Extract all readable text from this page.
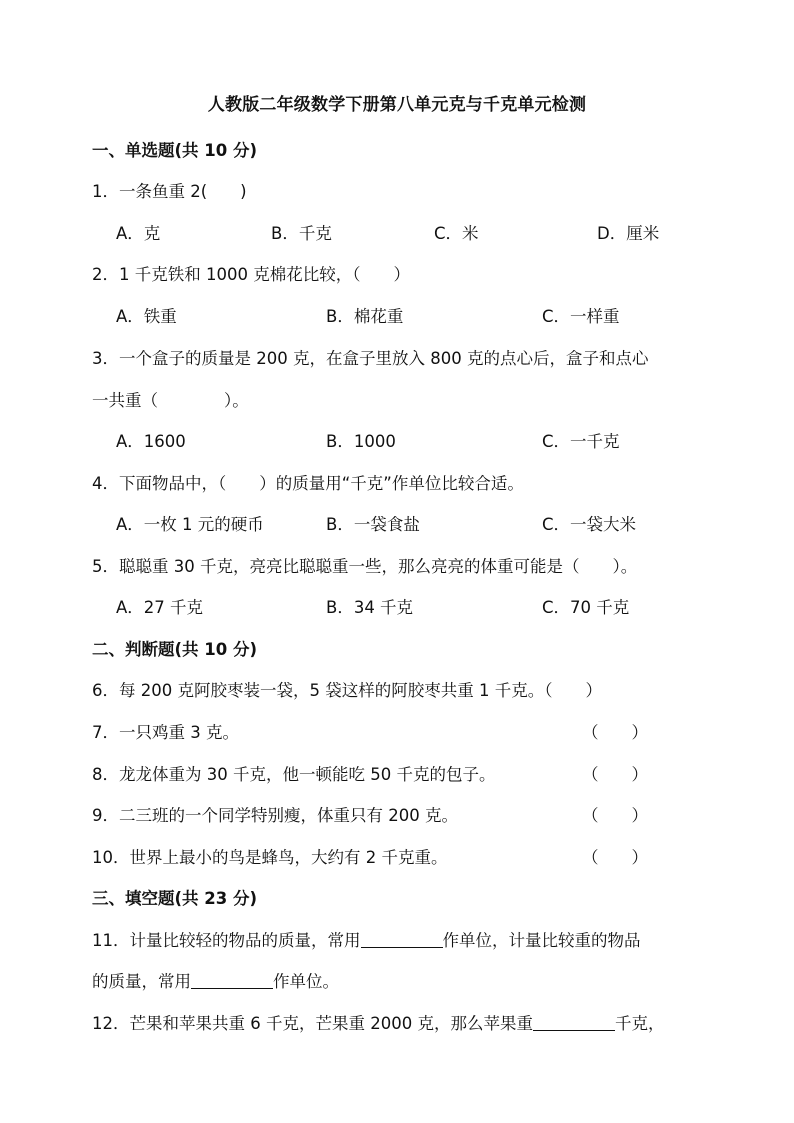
人教版二年级数学下册第八单元克与千克单元检测
一、单选题(共 10 分)
1．一条鱼重 2(　　)
A．克	B．千克	C．米	D．厘米
2．1 千克铁和 1000 克棉花比较，（　　）
A．铁重	B．棉花重	C．一样重
3．一个盒子的质量是 200 克，在盒子里放入 800 克的点心后，盒子和点心
一共重（　　　　）。
A．1600	B．1000	C．一千克
4．下面物品中，（　　）的质量用“千克”作单位比较合适。
A．一枚 1 元的硬币	B．一袋食盐	C．一袋大米
5．聪聪重 30 千克，亮亮比聪聪重一些，那么亮亮的体重可能是（　　）。
A．27 千克	B．34 千克	C．70 千克
二、判断题(共 10 分)
6．每 200 克阿胶枣装一袋，5 袋这样的阿胶枣共重 1 千克。（　　）
7．一只鸡重 3 克。	（　　）
8．龙龙体重为 30 千克，他一顿能吃 50 千克的包子。	（　　）
9．二三班的一个同学特别瘦，体重只有 200 克。	（　　）
10．世界上最小的鸟是蜂鸟，大约有 2 千克重。	（　　）
三、填空题(共 23 分)
11．计量比较轻的物品的质量，常用	作单位，计量比较重的物品
的质量，常用	作单位。
12．芒果和苹果共重 6 千克，芒果重 2000 克，那么苹果重	千克，
